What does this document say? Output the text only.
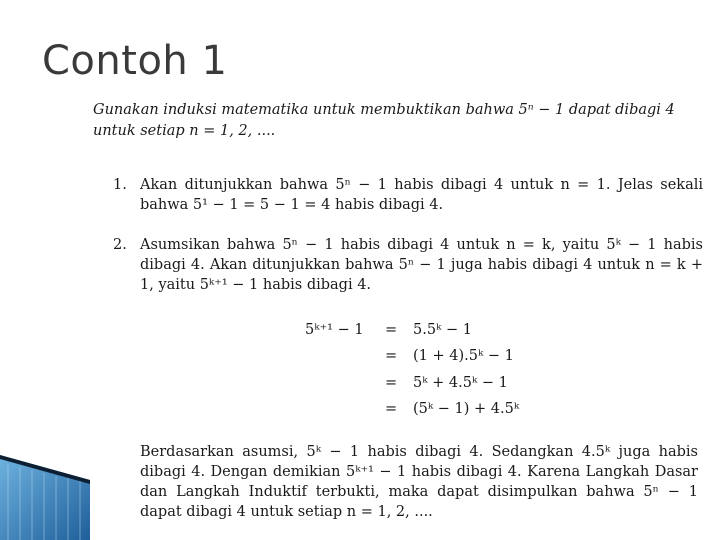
Contoh 1
Gunakan induksi matematika untuk membuktikan bahwa 5ⁿ − 1 dapat dibagi 4 untuk setiap n = 1, 2, ....
1. Akan ditunjukkan bahwa 5ⁿ − 1 habis dibagi 4 untuk n = 1. Jelas sekali bahwa 5¹ − 1 = 5 − 1 = 4 habis dibagi 4.
2. Asumsikan bahwa 5ⁿ − 1 habis dibagi 4 untuk n = k, yaitu 5ᵏ − 1 habis dibagi 4. Akan ditunjukkan bahwa 5ⁿ − 1 juga habis dibagi 4 untuk n = k + 1, yaitu 5ᵏ⁺¹ − 1 habis dibagi 4.
5ᵏ⁺¹ − 1 = 5.5ᵏ − 1
= (1 + 4).5ᵏ − 1
= 5ᵏ + 4.5ᵏ − 1
= (5ᵏ − 1) + 4.5ᵏ
Berdasarkan asumsi, 5ᵏ − 1 habis dibagi 4. Sedangkan 4.5ᵏ juga habis dibagi 4. Dengan demikian 5ᵏ⁺¹ − 1 habis dibagi 4. Karena Langkah Dasar dan Langkah Induktif terbukti, maka dapat disimpulkan bahwa 5ⁿ − 1 dapat dibagi 4 untuk setiap n = 1, 2, ....
